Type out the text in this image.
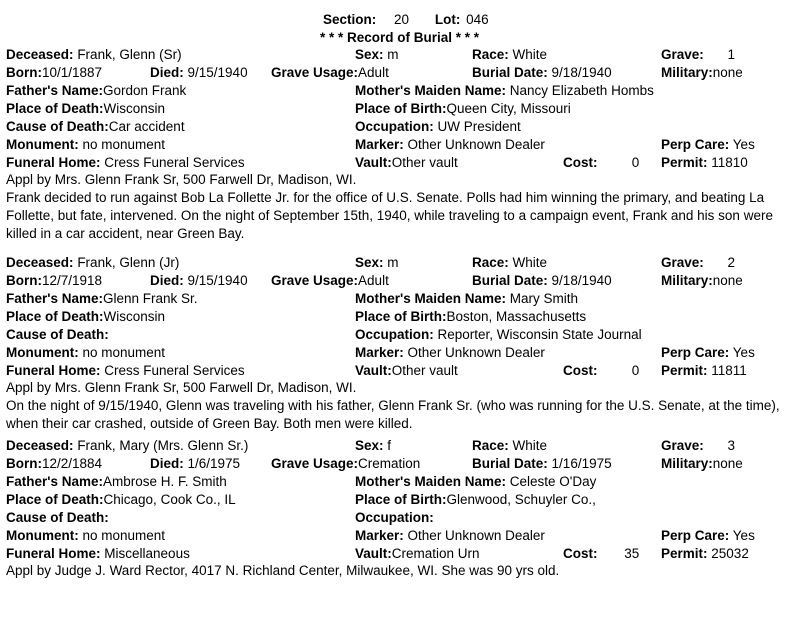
Section: 20 Lot: 046
* * * Record of Burial * * *
Deceased: Frank, Glenn (Sr)	Sex: m	Race: White	Grave: 1
Born:10/1/1887	Died: 9/15/1940 Grave Usage:Adult	Burial Date: 9/18/1940	Military:none
Father's Name:Gordon Frank	Mother's Maiden Name: Nancy Elizabeth Hombs
Place of Death:Wisconsin	Place of Birth:Queen City, Missouri
Cause of Death:Car accident	Occupation: UW President
Monument: no monument	Marker: Other Unknown Dealer	Perp Care: Yes
Funeral Home: Cress Funeral Services	Vault:Other vault	Cost:	0 Permit: 11810
Appl by Mrs. Glenn Frank Sr, 500 Farwell Dr, Madison, WI.
Frank decided to run against Bob La Follette Jr. for the office of U.S. Senate. Polls had him winning the primary, and beating La Follette, but fate, intervened. On the night of September 15th, 1940, while traveling to a campaign event, Frank and his son were killed in a car accident, near Green Bay.
Deceased: Frank, Glenn (Jr)	Sex: m	Race: White	Grave: 2
Born:12/7/1918	Died: 9/15/1940 Grave Usage:Adult	Burial Date: 9/18/1940	Military:none
Father's Name:Glenn Frank Sr.	Mother's Maiden Name: Mary Smith
Place of Death:Wisconsin	Place of Birth:Boston, Massachusetts
Cause of Death:	Occupation: Reporter, Wisconsin State Journal
Monument: no monument	Marker: Other Unknown Dealer	Perp Care: Yes
Funeral Home: Cress Funeral Services	Vault:Other vault	Cost:	0 Permit: 11811
Appl by Mrs. Glenn Frank Sr, 500 Farwell Dr, Madison, WI.
On the night of 9/15/1940, Glenn was traveling with his father, Glenn Frank Sr. (who was running for the U.S. Senate, at the time), when their car crashed, outside of Green Bay. Both men were killed.
Deceased: Frank, Mary (Mrs. Glenn Sr.)	Sex: f	Race: White	Grave: 3
Born:12/2/1884	Died: 1/6/1975 Grave Usage:Cremation	Burial Date: 1/16/1975	Military:none
Father's Name:Ambrose H. F. Smith	Mother's Maiden Name: Celeste O'Day
Place of Death:Chicago, Cook Co., IL	Place of Birth:Glenwood, Schuyler Co.,
Cause of Death:	Occupation:
Monument: no monument	Marker: Other Unknown Dealer	Perp Care: Yes
Funeral Home: Miscellaneous	Vault:Cremation Urn	Cost: 35 Permit: 25032
Appl by Judge J. Ward Rector, 4017 N. Richland Center, Milwaukee, WI. She was 90 yrs old.
